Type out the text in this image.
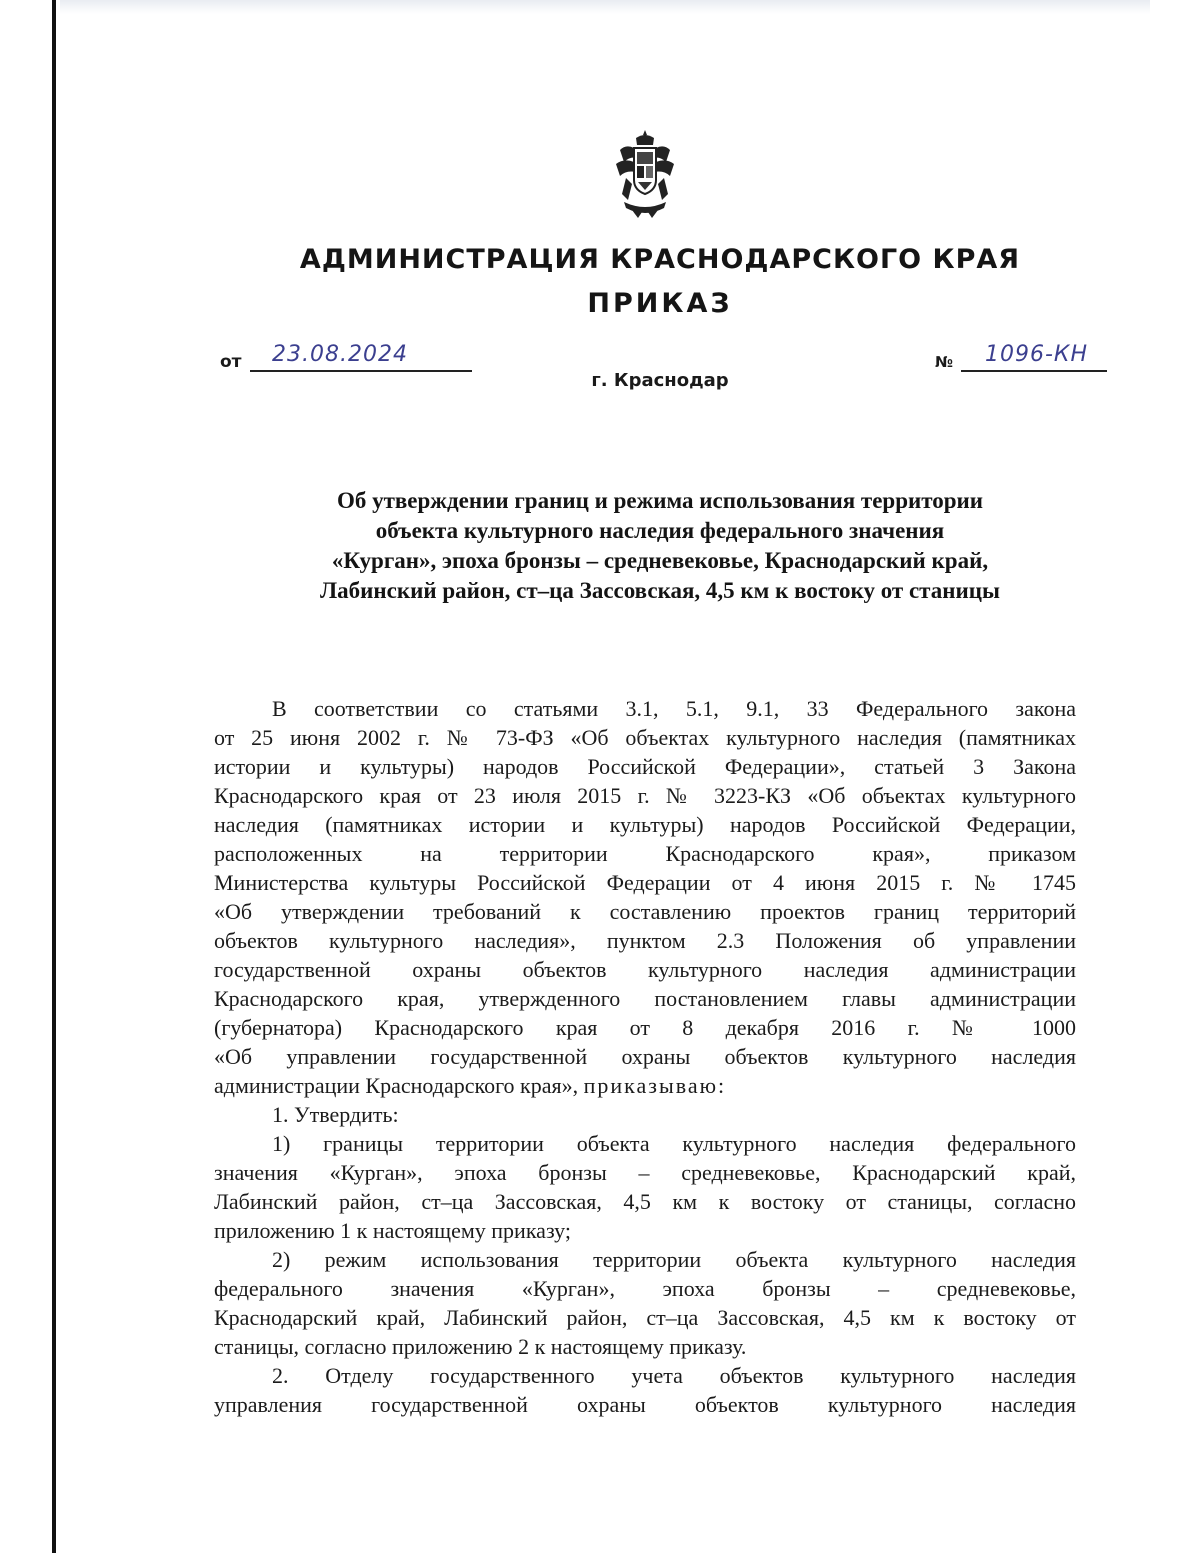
АДМИНИСТРАЦИЯ КРАСНОДАРСКОГО КРАЯ
ПРИКАЗ
от 23.08.2024
г. Краснодар
№ 1096-КН
Об утверждении границ и режима использования территории
объекта культурного наследия федерального значения
«Курган», эпоха бронзы – средневековье, Краснодарский край,
Лабинский район, ст–ца Зассовская, 4,5 км к востоку от станицы
В соответствии со статьями 3.1, 5.1, 9.1, 33 Федерального закона
от 25 июня 2002 г. № 73-ФЗ «Об объектах культурного наследия (памятниках
истории и культуры) народов Российской Федерации», статьей 3 Закона
Краснодарского края от 23 июля 2015 г. № 3223-КЗ «Об объектах культурного
наследия (памятниках истории и культуры) народов Российской Федерации,
расположенных на территории Краснодарского края», приказом
Министерства культуры Российской Федерации от 4 июня 2015 г. № 1745
«Об утверждении требований к составлению проектов границ территорий
объектов культурного наследия», пунктом 2.3 Положения об управлении
государственной охраны объектов культурного наследия администрации
Краснодарского края, утвержденного постановлением главы администрации
(губернатора) Краснодарского края от 8 декабря 2016 г. № 1000
«Об управлении государственной охраны объектов культурного наследия
администрации Краснодарского края», приказываю:
1. Утвердить:
1) границы территории объекта культурного наследия федерального
значения «Курган», эпоха бронзы – средневековье, Краснодарский край,
Лабинский район, ст–ца Зассовская, 4,5 км к востоку от станицы, согласно
приложению 1 к настоящему приказу;
2) режим использования территории объекта культурного наследия
федерального значения «Курган», эпоха бронзы – средневековье,
Краснодарский край, Лабинский район, ст–ца Зассовская, 4,5 км к востоку от
станицы, согласно приложению 2 к настоящему приказу.
2. Отделу государственного учета объектов культурного наследия
управления государственной охраны объектов культурного наследия
